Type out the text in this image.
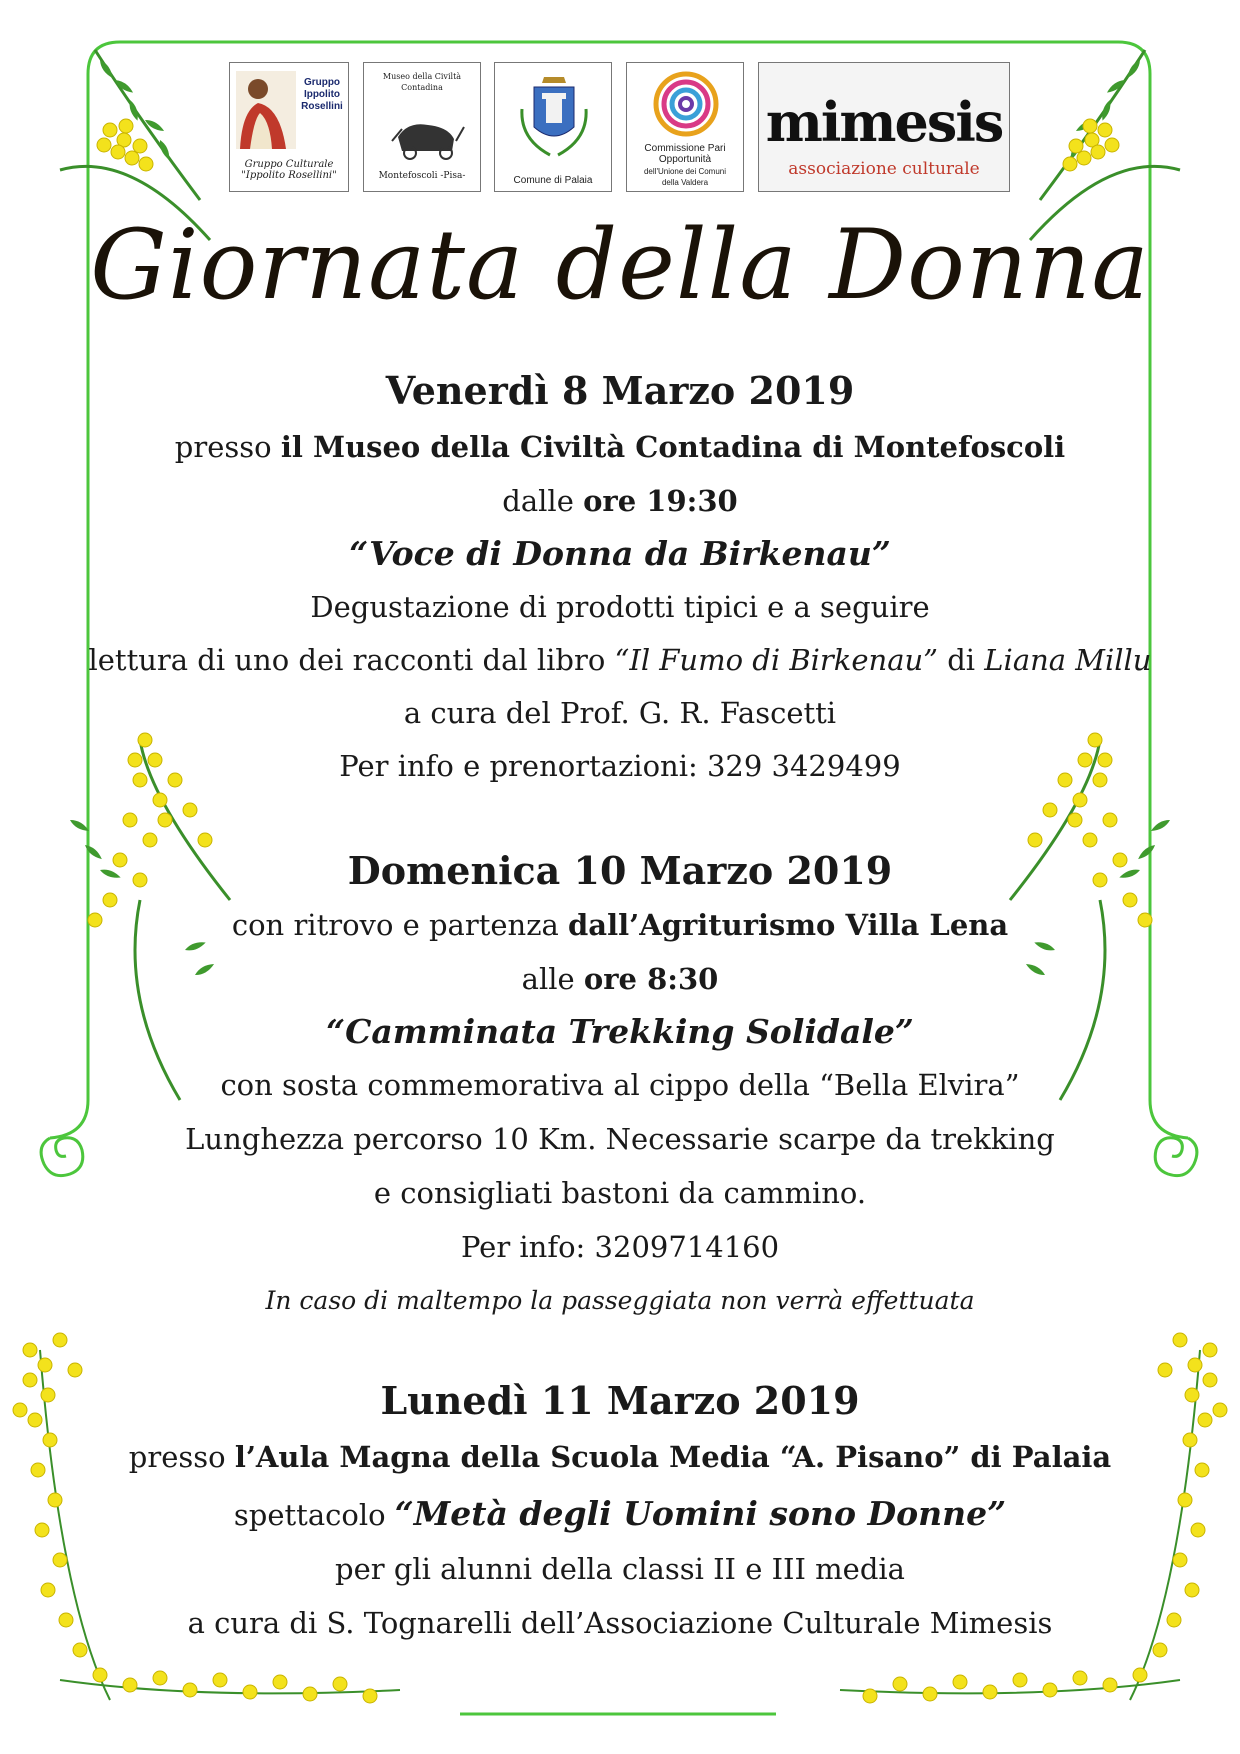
Gruppo Ippolito Rosellini
Gruppo Culturale "Ippolito Rosellini"
Museo della Civiltà Contadina
Montefoscoli -Pisa-	Comune di Palaia
Commissione Pari
Opportunità
dell'Unione dei Comuni
della Valdera
mimesis
associazione culturale
Giornata della Donna
Venerdì 8 Marzo 2019
presso il Museo della Civiltà Contadina di Montefoscoli
dalle ore 19:30
“Voce di Donna da Birkenau”
Degustazione di prodotti tipici e a seguire
lettura di uno dei racconti dal libro “Il Fumo di Birkenau” di Liana Millu
a cura del Prof. G. R. Fascetti
Per info e prenortazioni: 329 3429499
Domenica 10 Marzo 2019
con ritrovo e partenza dall’Agriturismo Villa Lena
alle ore 8:30
“Camminata Trekking Solidale”
con sosta commemorativa al cippo della “Bella Elvira”
Lunghezza percorso 10 Km. Necessarie scarpe da trekking
e consigliati bastoni da cammino.
Per info: 3209714160
In caso di maltempo la passeggiata non verrà effettuata
Lunedì 11 Marzo 2019
presso l’Aula Magna della Scuola Media “A. Pisano” di Palaia
spettacolo “Metà degli Uomini sono Donne”
per gli alunni della classi II e III media
a cura di S. Tognarelli dell’Associazione Culturale Mimesis
